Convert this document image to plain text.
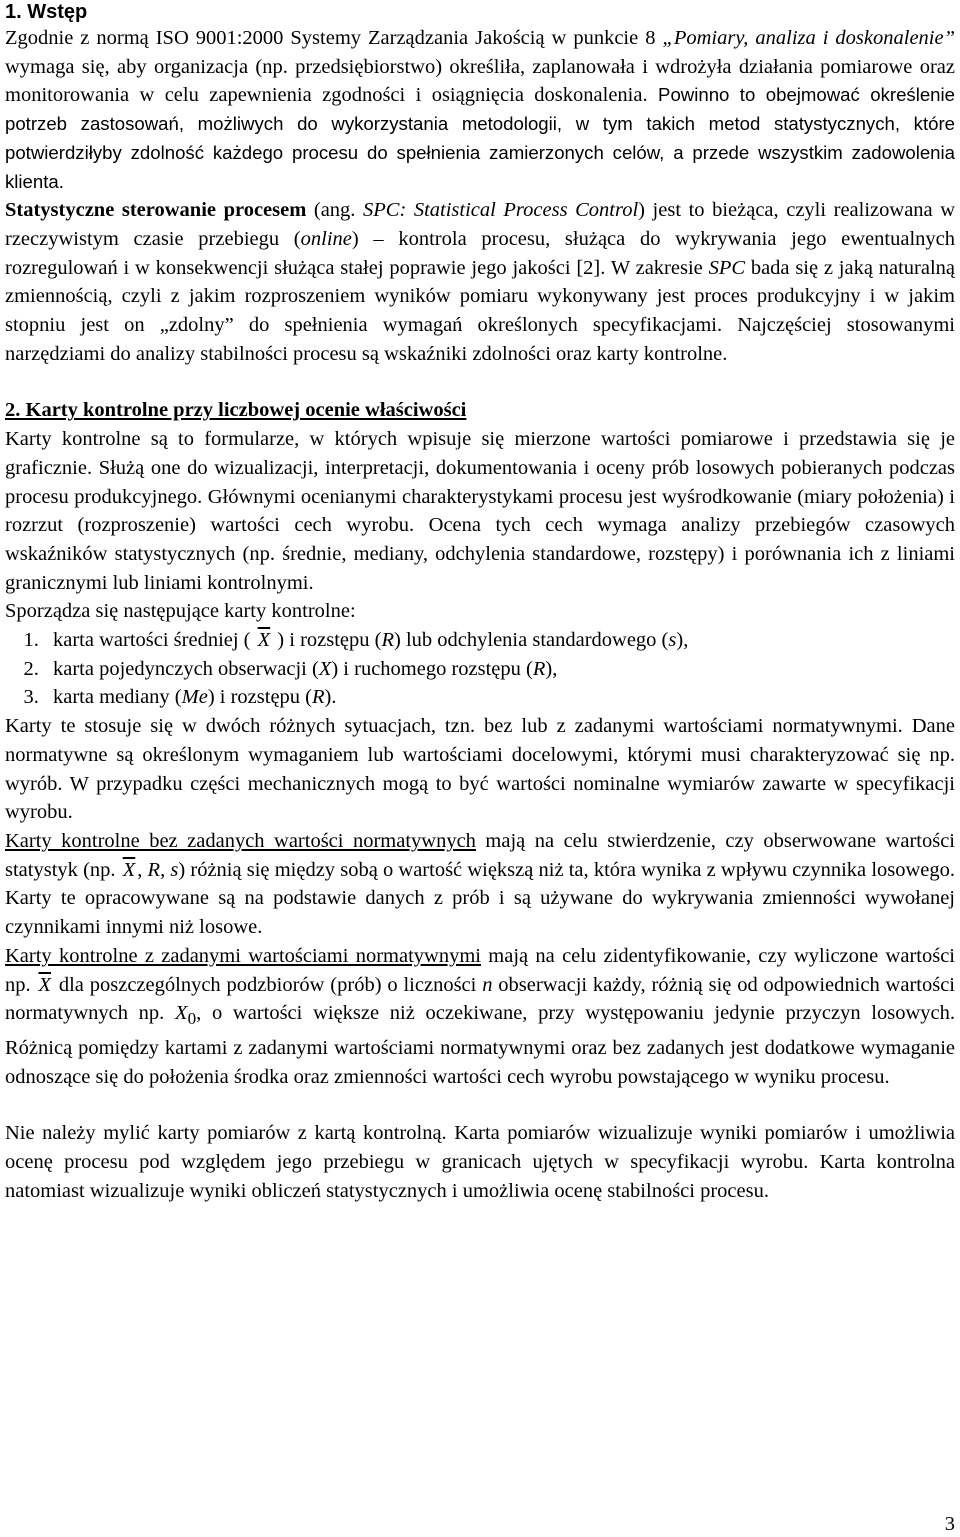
1. Wstęp

Zgodnie z normą ISO 9001:2000 Systemy Zarządzania Jakością w punkcie 8 „Pomiary, analiza i doskonalenie” wymaga się, aby organizacja (np. przedsiębiorstwo) określiła, zaplanowała i wdrożyła działania pomiarowe oraz monitorowania w celu zapewnienia zgodności i osiągnięcia doskonalenia. Powinno to obejmować określenie potrzeb zastosowań, możliwych do wykorzystania metodologii, w tym takich metod statystycznych, które potwierdziłyby zdolność każdego procesu do spełnienia zamierzonych celów, a przede wszystkim zadowolenia klienta.

Statystyczne sterowanie procesem (ang. SPC: Statistical Process Control) jest to bieżąca, czyli realizowana w rzeczywistym czasie przebiegu (online) – kontrola procesu, służąca do wykrywania jego ewentualnych rozregulowań i w konsekwencji służąca stałej poprawie jego jakości [2]. W zakresie SPC bada się z jaką naturalną zmiennością, czyli z jakim rozproszeniem wyników pomiaru wykonywany jest proces produkcyjny i w jakim stopniu jest on „zdolny” do spełnienia wymagań określonych specyfikacjami. Najczęściej stosowanymi narzędziami do analizy stabilności procesu są wskaźniki zdolności oraz karty kontrolne.

2. Karty kontrolne przy liczbowej ocenie właściwości

Karty kontrolne są to formularze, w których wpisuje się mierzone wartości pomiarowe i przedstawia się je graficznie. Służą one do wizualizacji, interpretacji, dokumentowania i oceny prób losowych pobieranych podczas procesu produkcyjnego. Głównymi ocenianymi charakterystykami procesu jest wyśrodkowanie (miary położenia) i rozrzut (rozproszenie) wartości cech wyrobu. Ocena tych cech wymaga analizy przebiegów czasowych wskaźników statystycznych (np. średnie, mediany, odchylenia standardowe, rozstępy) i porównania ich z liniami granicznymi lub liniami kontrolnymi.

Sporządza się następujące karty kontrolne:

1. karta wartości średniej ( $\overline{X}$ ) i rozstępu (R) lub odchylenia standardowego (s),
2. karta pojedynczych obserwacji (X) i ruchomego rozstępu (R),
3. karta mediany (Me) i rozstępu (R).

Karty te stosuje się w dwóch różnych sytuacjach, tzn. bez lub z zadanymi wartościami normatywnymi. Dane normatywne są określonym wymaganiem lub wartościami docelowymi, którymi musi charakteryzować się np. wyrób. W przypadku części mechanicznych mogą to być wartości nominalne wymiarów zawarte w specyfikacji wyrobu.

Karty kontrolne bez zadanych wartości normatywnych mają na celu stwierdzenie, czy obserwowane wartości statystyk (np. $\overline{X}$, R, s) różnią się między sobą o wartość większą niż ta, która wynika z wpływu czynnika losowego. Karty te opracowywane są na podstawie danych z prób i są używane do wykrywania zmienności wywołanej czynnikami innymi niż losowe.

Karty kontrolne z zadanymi wartościami normatywnymi mają na celu zidentyfikowanie, czy wyliczone wartości np. $\overline{X}$ dla poszczególnych podzbiorów (prób) o liczności n obserwacji każdy, różnią się od odpowiednich wartości normatywnych np. $X_0$, o wartości większe niż oczekiwane, przy występowaniu jedynie przyczyn losowych. Różnicą pomiędzy kartami z zadanymi wartościami normatywnymi oraz bez zadanych jest dodatkowe wymaganie odnoszące się do położenia środka oraz zmienności wartości cech wyrobu powstającego w wyniku procesu.

Nie należy mylić karty pomiarów z kartą kontrolną. Karta pomiarów wizualizuje wyniki pomiarów i umożliwia ocenę procesu pod względem jego przebiegu w granicach ujętych w specyfikacji wyrobu. Karta kontrolna natomiast wizualizuje wyniki obliczeń statystycznych i umożliwia ocenę stabilności procesu.

3
